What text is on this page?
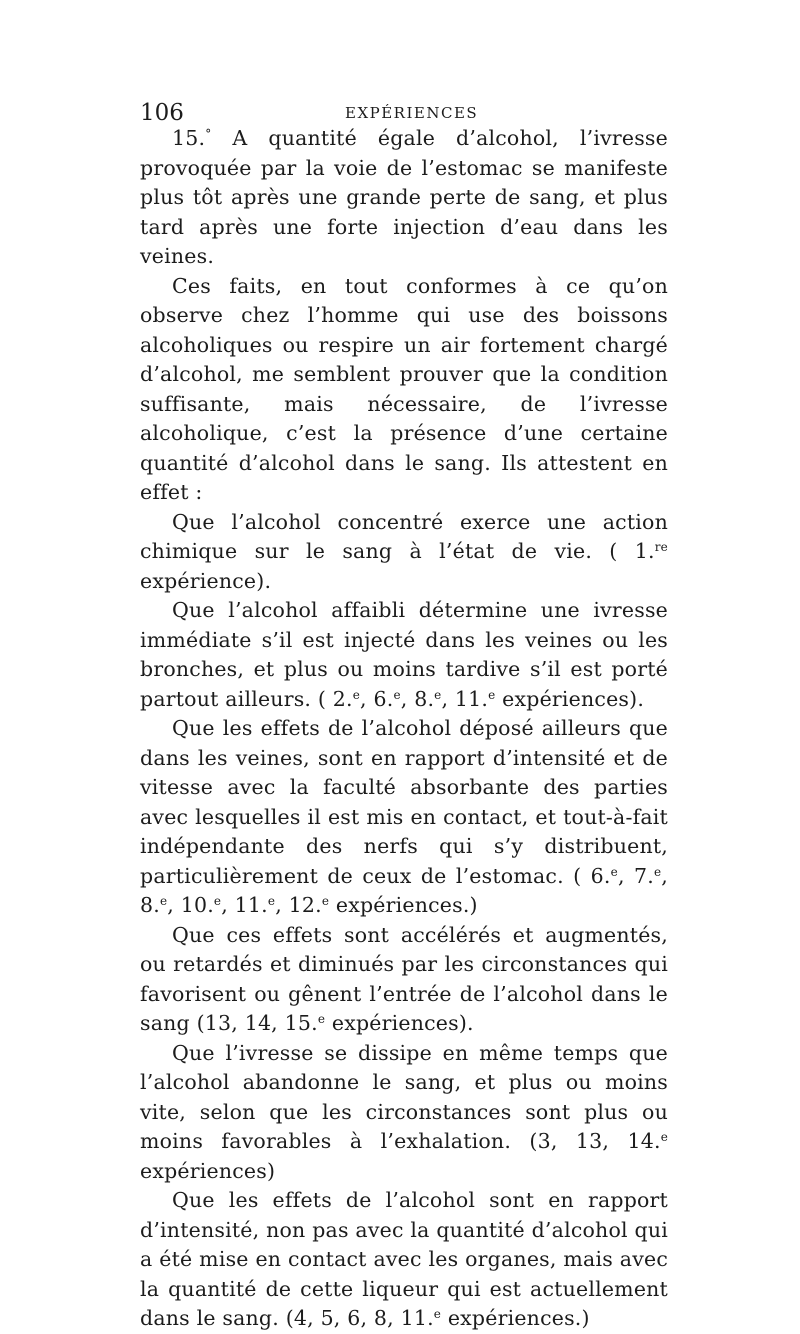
106	EXPÉRIENCES

15.° A quantité égale d’alcohol, l’ivresse provoquée par la voie de l’estomac se manifeste plus tôt après une grande perte de sang, et plus tard après une forte injection d’eau dans les veines.

Ces faits, en tout conformes à ce qu’on observe chez l’homme qui use des boissons alcoholiques ou respire un air fortement chargé d’alcohol, me semblent prouver que la condition suffisante, mais nécessaire, de l’ivresse alcoholique, c’est la présence d’une certaine quantité d’alcohol dans le sang. Ils attestent en effet :

Que l’alcohol concentré exerce une action chimique sur le sang à l’état de vie. ( 1.$^{re}$ expérience).

Que l’alcohol affaibli détermine une ivresse immédiate s’il est injecté dans les veines ou les bronches, et plus ou moins tardive s’il est porté partout ailleurs. ( 2.$^e$, 6.$^e$, 8.$^e$, 11.$^e$ expériences).

Que les effets de l’alcohol déposé ailleurs que dans les veines, sont en rapport d’intensité et de vitesse avec la faculté absorbante des parties avec lesquelles il est mis en contact, et tout-à-fait indépendante des nerfs qui s’y distribuent, particulièrement de ceux de l’estomac. ( 6.$^e$, 7.$^e$, 8.$^e$, 10.$^e$, 11.$^e$, 12.$^e$ expériences.)

Que ces effets sont accélérés et augmentés, ou retardés et diminués par les circonstances qui favorisent ou gênent l’entrée de l’alcohol dans le sang (13, 14, 15.$^e$ expériences).

Que l’ivresse se dissipe en même temps que l’alcohol abandonne le sang, et plus ou moins vite, selon que les circonstances sont plus ou moins favorables à l’exhalation. (3, 13, 14.$^e$ expériences)

Que les effets de l’alcohol sont en rapport d’intensité, non pas avec la quantité d’alcohol qui a été mise en contact avec les organes, mais avec la quantité de cette liqueur qui est actuellement dans le sang. (4, 5, 6, 8, 11.$^e$ expériences.)
